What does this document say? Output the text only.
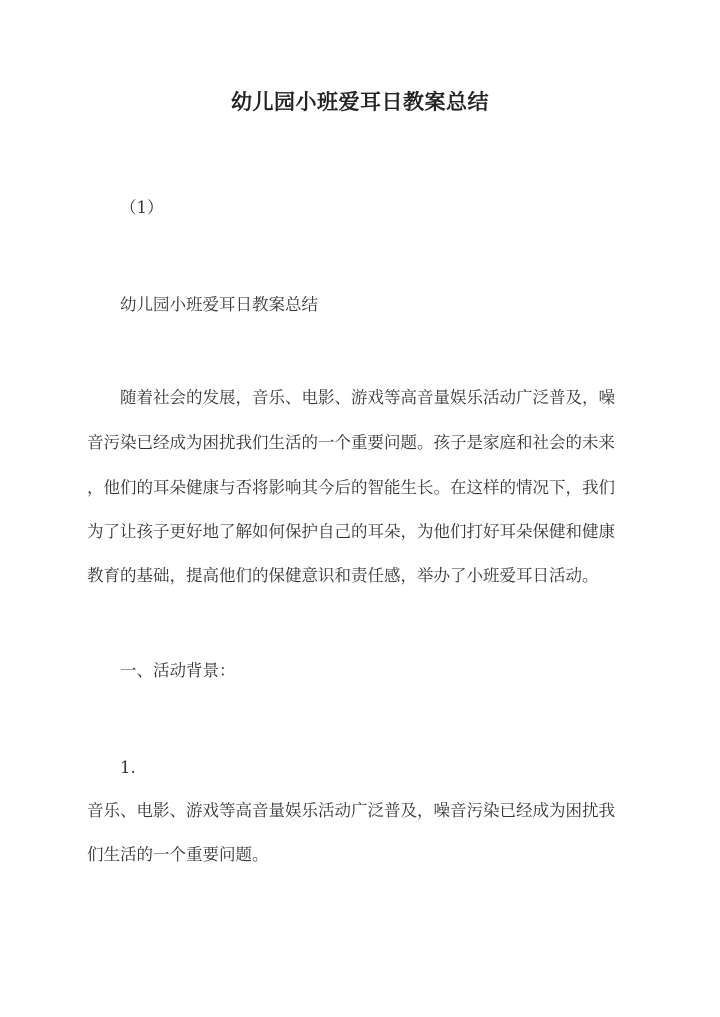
幼儿园小班爱耳日教案总结
（1）
幼儿园小班爱耳日教案总结
随着社会的发展，音乐、电影、游戏等高音量娱乐活动广泛普及，噪
音污染已经成为困扰我们生活的一个重要问题。孩子是家庭和社会的未来
，他们的耳朵健康与否将影响其今后的智能生长。在这样的情况下，我们
为了让孩子更好地了解如何保护自己的耳朵，为他们打好耳朵保健和健康
教育的基础，提高他们的保健意识和责任感，举办了小班爱耳日活动。
一、活动背景：
1.
音乐、电影、游戏等高音量娱乐活动广泛普及，噪音污染已经成为困扰我
们生活的一个重要问题。
